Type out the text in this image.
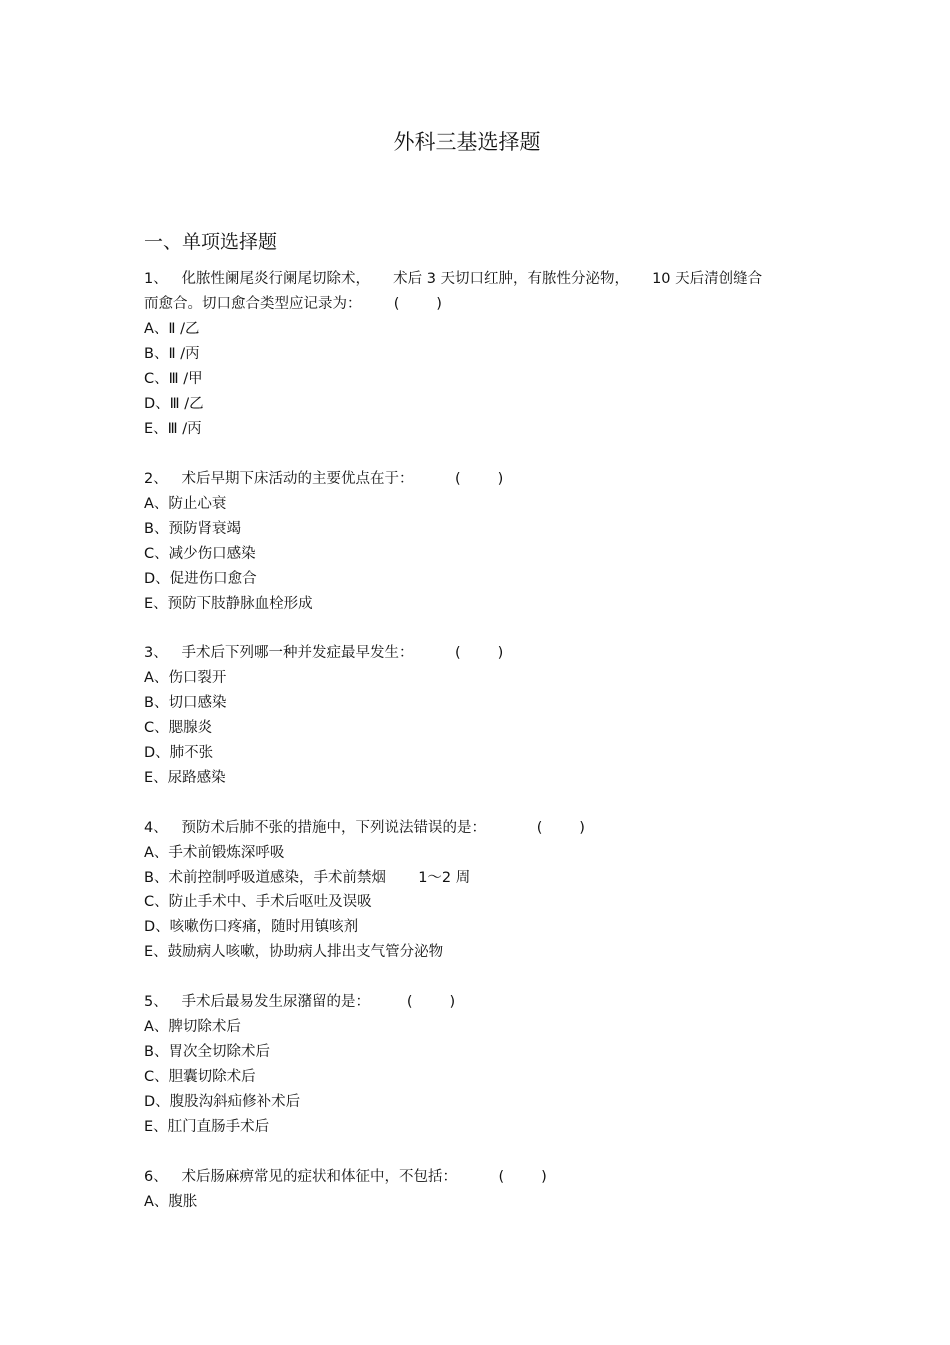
外科三基选择题
一、单项选择题
1、   化脓性阑尾炎行阑尾切除术，     术后 3 天切口红肿，有脓性分泌物，     10 天后清创缝合
而愈合。切口愈合类型应记录为：       (        )
A、Ⅱ /乙
B、Ⅱ /丙
C、Ⅲ /甲
D、Ⅲ /乙
E、Ⅲ /丙
2、   术后早期下床活动的主要优点在于：         (        )
A、防止心衰
B、预防肾衰竭
C、减少伤口感染
D、促进伤口愈合
E、预防下肢静脉血栓形成
3、   手术后下列哪一种并发症最早发生：         (        )
A、伤口裂开
B、切口感染
C、腮腺炎
D、肺不张
E、尿路感染
4、   预防术后肺不张的措施中，下列说法错误的是：           (        )
A、手术前锻炼深呼吸
B、术前控制呼吸道感染，手术前禁烟       1～2 周
C、防止手术中、手术后呕吐及误吸
D、咳嗽伤口疼痛，随时用镇咳剂
E、鼓励病人咳嗽，协助病人排出支气管分泌物
5、   手术后最易发生尿潴留的是：        (        )
A、脾切除术后
B、胃次全切除术后
C、胆囊切除术后
D、腹股沟斜疝修补术后
E、肛门直肠手术后
6、   术后肠麻痹常见的症状和体征中，不包括：         (        )
A、腹胀
